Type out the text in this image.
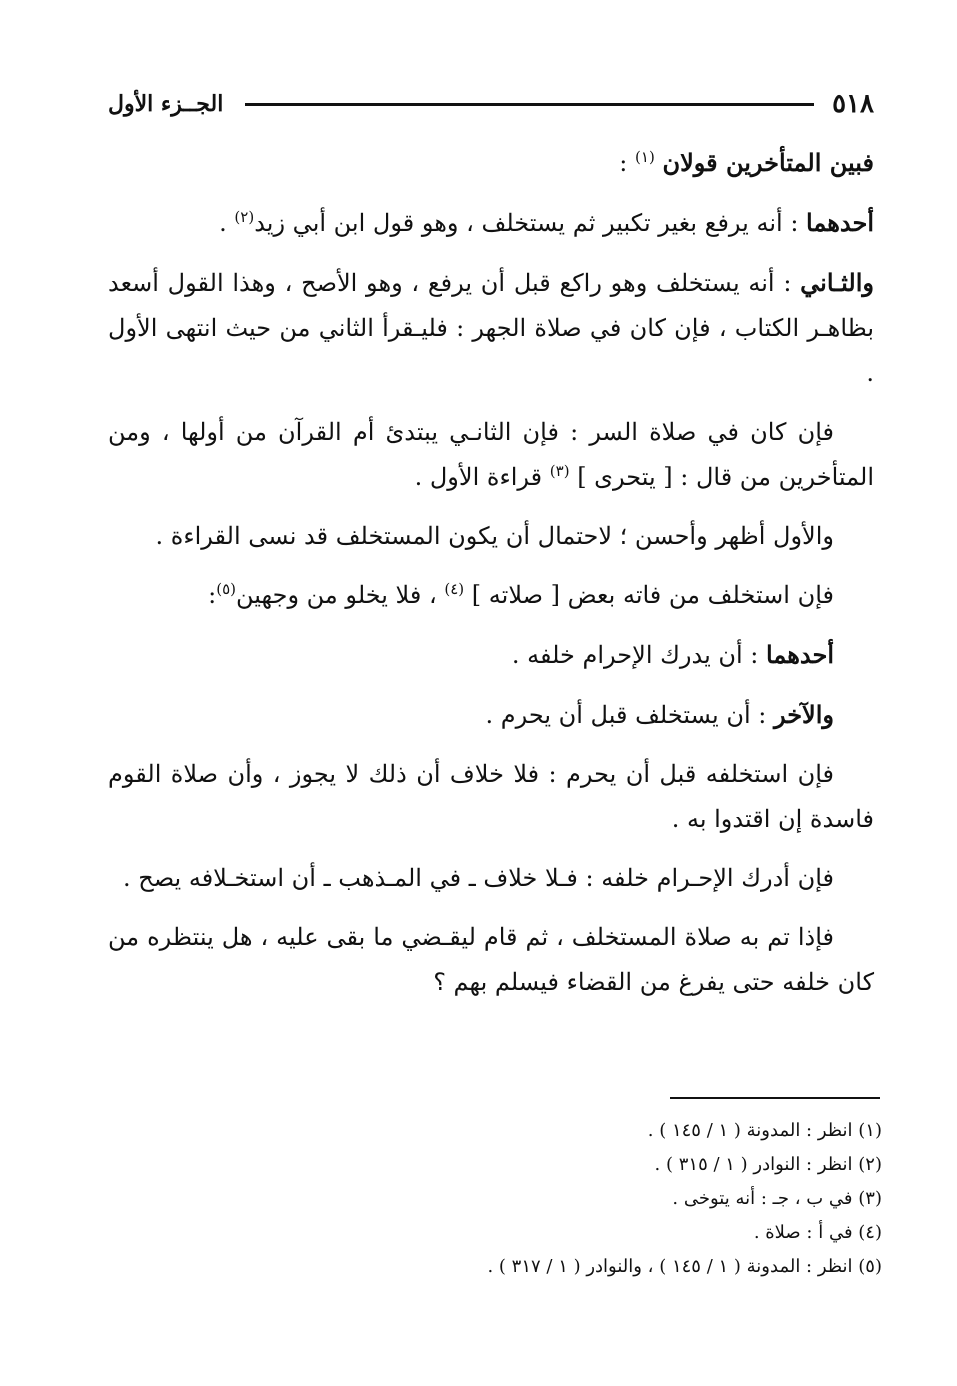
٥١٨
الجــزء الأول

فبين المتأخرين قولان $^{(١)}$ :

أحدهما : أنه يرفع بغير تكبير ثم يستخلف ، وهو قول ابن أبي زيد$^{(٢)}$ .

والثـاني : أنه يستخلف وهو راكع قبل أن يرفع ، وهو الأصح ، وهذا القول أسعد بظاهـر الكتاب ، فإن كان في صلاة الجهر : فليـقرأ الثاني من حيث انتهى الأول .

فإن كان في صلاة السر : فإن الثانـي يبتدئ أم القرآن من أولها ، ومن المتأخرين من قال : [ يتحرى ] $^{(٣)}$ قراءة الأول .

والأول أظهر وأحسن ؛ لاحتمال أن يكون المستخلف قد نسى القراءة .

فإن استخلف من فاته بعض [ صلاته ] $^{(٤)}$ ، فلا يخلو من وجهين$^{(٥)}$:

أحدهما : أن يدرك الإحرام خلفه .

والآخر : أن يستخلف قبل أن يحرم .

فإن استخلفه قبل أن يحرم : فلا خلاف أن ذلك لا يجوز ، وأن صلاة القوم فاسدة إن اقتدوا به .

فإن أدرك الإحـرام خلفه : فـلا خلاف ـ في المـذهب ـ أن استخـلافه يصح .

فإذا تم به صلاة المستخلف ، ثم قام ليقـضي ما بقى عليه ، هل ينتظره من كان خلفه حتى يفرغ من القضاء فيسلم بهم ؟

(١) انظر : المدونة ( ١ / ١٤٥ ) .
(٢) انظر : النوادر ( ١ / ٣١٥ ) .
(٣) في ب ، جـ : أنه يتوخى .
(٤) في أ : صلاة .
(٥) انظر : المدونة ( ١ / ١٤٥ ) ، والنوادر ( ١ / ٣١٧ ) .
